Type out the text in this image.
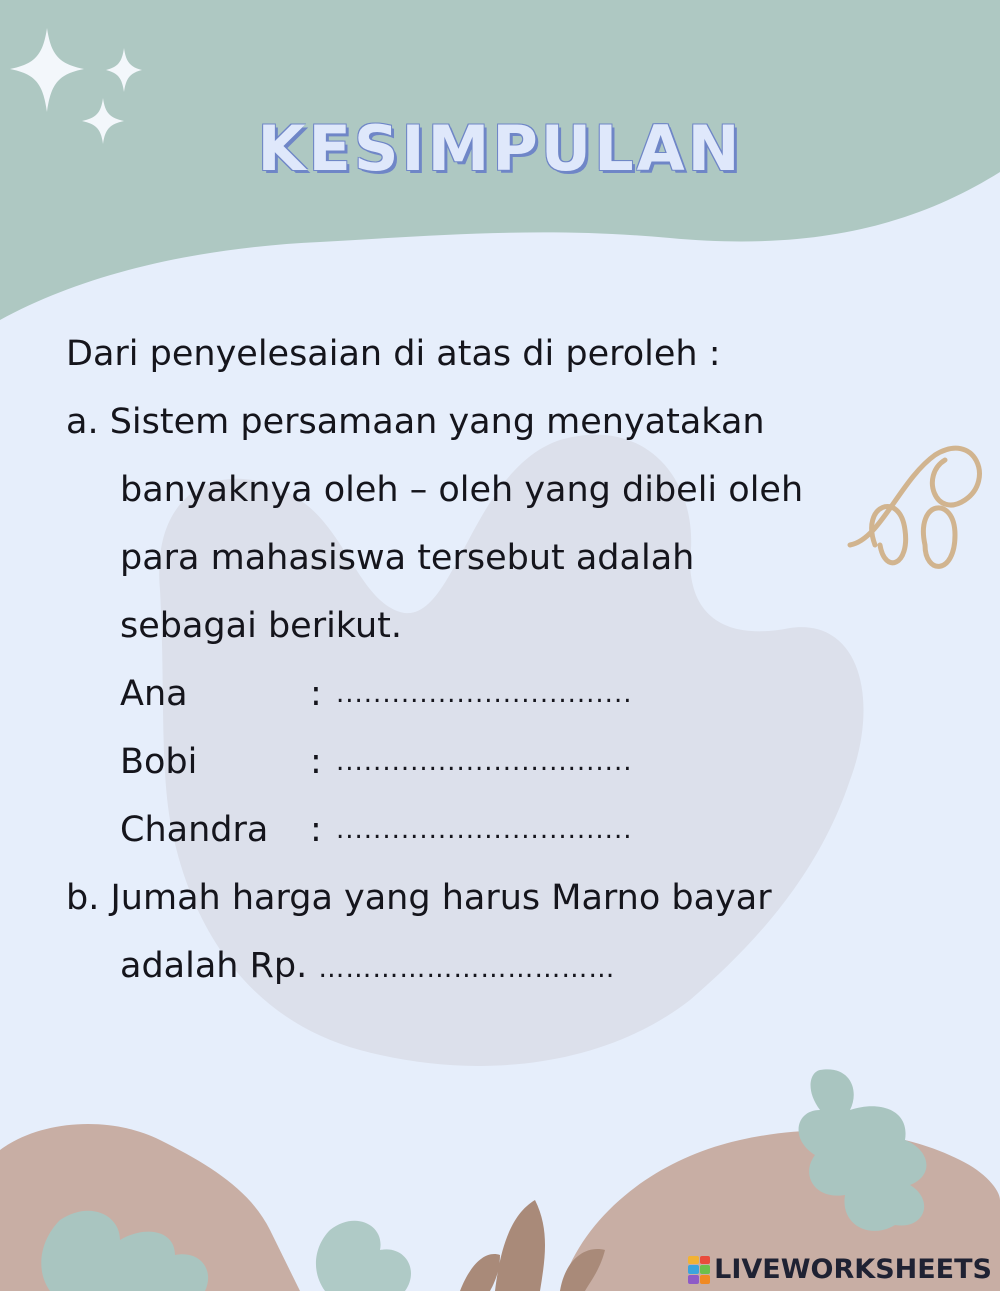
KESIMPULAN
Dari penyelesaian di atas di peroleh :
a. Sistem persamaan yang menyatakan
banyaknya oleh – oleh yang dibeli oleh
para mahasiswa tersebut adalah
sebagai berikut.
Ana	: ................................
Bobi	: ................................
Chandra	: ................................
b. Jumah harga yang harus Marno bayar
adalah Rp. ……………………………
LIVEWORKSHEETS
